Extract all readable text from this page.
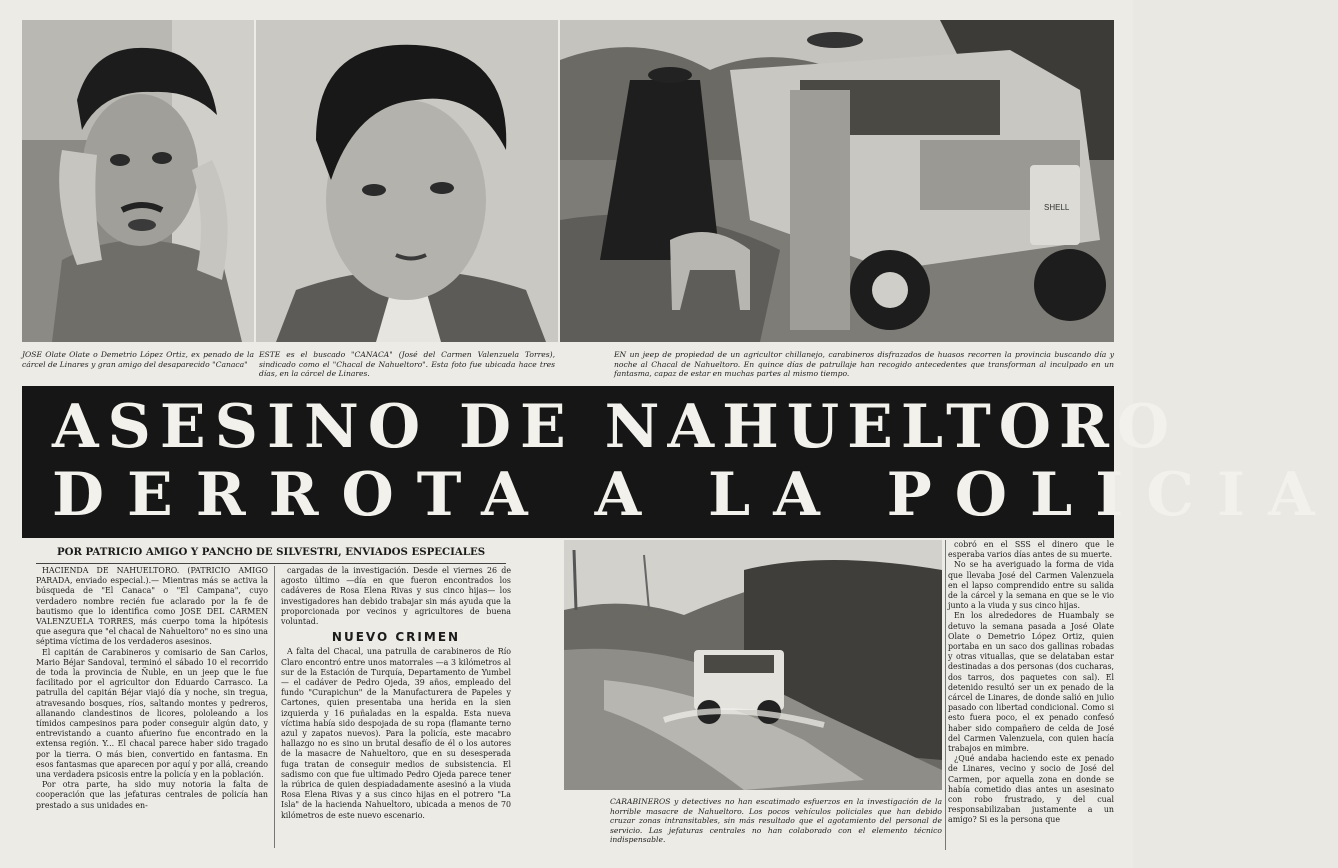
SHELL
JOSE Olate Olate o Demetrio López Ortiz, ex penado de la cárcel de Linares y gran amigo del desaparecido "Canaca"
ESTE es el buscado "CANACA" (José del Carmen Valenzuela Torres), sindicado como el "Chacal de Nahueltoro". Esta foto fue ubicada hace tres días, en la cárcel de Linares.
EN un jeep de propiedad de un agricultor chillanejo, carabineros disfrazados de huasos recorren la provincia buscando día y noche al Chacal de Nahueltoro. En quince días de patrullaje han recogido antecedentes que transforman al inculpado en un fantasma, capaz de estar en muchas partes al mismo tiempo.
ASESINO DE NAHUELTORO
DERROTA A LA POLICIA
POR PATRICIO AMIGO Y PANCHO DE SILVESTRI, ENVIADOS ESPECIALES

HACIENDA DE NAHUELTORO. (PATRICIO AMIGO PARADA, enviado especial.).— Mientras más se activa la búsqueda de "El Canaca" o "El Campana", cuyo verdadero nombre recién fue aclarado por la fe de bautismo que lo identifica como JOSE DEL CARMEN VALENZUELA TORRES, más cuerpo toma la hipótesis que asegura que "el chacal de Nahueltoro" no es sino una séptima víctima de los verdaderos asesinos.

El capitán de Carabineros y comisario de San Carlos, Mario Béjar Sandoval, terminó el sábado 10 el recorrido de toda la provincia de Ñuble, en un jeep que le fue facilitado por el agricultor don Eduardo Carrasco. La patrulla del capitán Béjar viajó día y noche, sin tregua, atravesando bosques, ríos, saltando montes y pedreros, allanando clandestinos de licores, pololeando a los tímidos campesinos para poder conseguir algún dato, y entrevistando a cuanto afuerino fue encontrado en la extensa región. Y... El chacal parece haber sido tragado por la tierra. O más bien, convertido en fantasma. En esos fantasmas que aparecen por aquí y por allá, creando una verdadera psicosis entre la policía y en la población.

Por otra parte, ha sido muy notoria la falta de cooperación que las jefaturas centrales de policía han prestado a sus unidades en-

cargadas de la investigación. Desde el viernes 26 de agosto último —día en que fueron encontrados los cadáveres de Rosa Elena Rivas y sus cinco hijas— los investigadores han debido trabajar sin más ayuda que la proporcionada por vecinos y agricultores de buena voluntad.

NUEVO CRIMEN

A falta del Chacal, una patrulla de carabineros de Río Claro encontró entre unos matorrales —a 3 kilómetros al sur de la Estación de Turquía, Departamento de Yumbel— el cadáver de Pedro Ojeda, 39 años, empleado del fundo "Curapichun" de la Manufacturera de Papeles y Cartones, quien presentaba una herida en la sien izquierda y 16 puñaladas en la espalda. Esta nueva víctima había sido despojada de su ropa (flamante terno azul y zapatos nuevos). Para la policía, este macabro hallazgo no es sino un brutal desafío de él o los autores de la masacre de Nahueltoro, que en su desesperada fuga tratan de conseguir medios de subsistencia. El sadismo con que fue ultimado Pedro Ojeda parece tener la rúbrica de quien despiadadamente asesinó a la viuda Rosa Elena Rivas y a sus cinco hijas en el potrero "La Isla" de la hacienda Nahueltoro, ubicada a menos de 70 kilómetros de este nuevo escenario.

CARABINEROS y detectives no han escatimado esfuerzos en la investigación de la horrible masacre de Nahueltoro. Los pocos vehículos policiales que han debido cruzar zonas intransitables, sin más resultado que el agotamiento del personal de servicio. Las jefaturas centrales no han colaborado con el elemento técnico indispensable.

cobró en el SSS el dinero que le esperaba varios días antes de su muerte.

No se ha averiguado la forma de vida que llevaba José del Carmen Valenzuela en el lapso comprendido entre su salida de la cárcel y la semana en que se le vio junto a la viuda y sus cinco hijas.

En los alrededores de Huambaly se detuvo la semana pasada a José Olate Olate o Demetrio López Ortiz, quien portaba en un saco dos gallinas robadas y otras vituallas, que se delataban estar destinadas a dos personas (dos cucharas, dos tarros, dos paquetes con sal). El detenido resultó ser un ex penado de la cárcel de Linares, de donde salió en julio pasado con libertad condicional. Como si esto fuera poco, el ex penado confesó haber sido compañero de celda de José del Carmen Valenzuela, con quien hacía trabajos en mimbre.

¿Qué andaba haciendo este ex penado de Linares, vecino y socio de José del Carmen, por aquella zona en donde se había cometido dias antes un asesinato con robo frustrado, y del cual responsabilizaban justamente a un amigo? Si es la persona que
